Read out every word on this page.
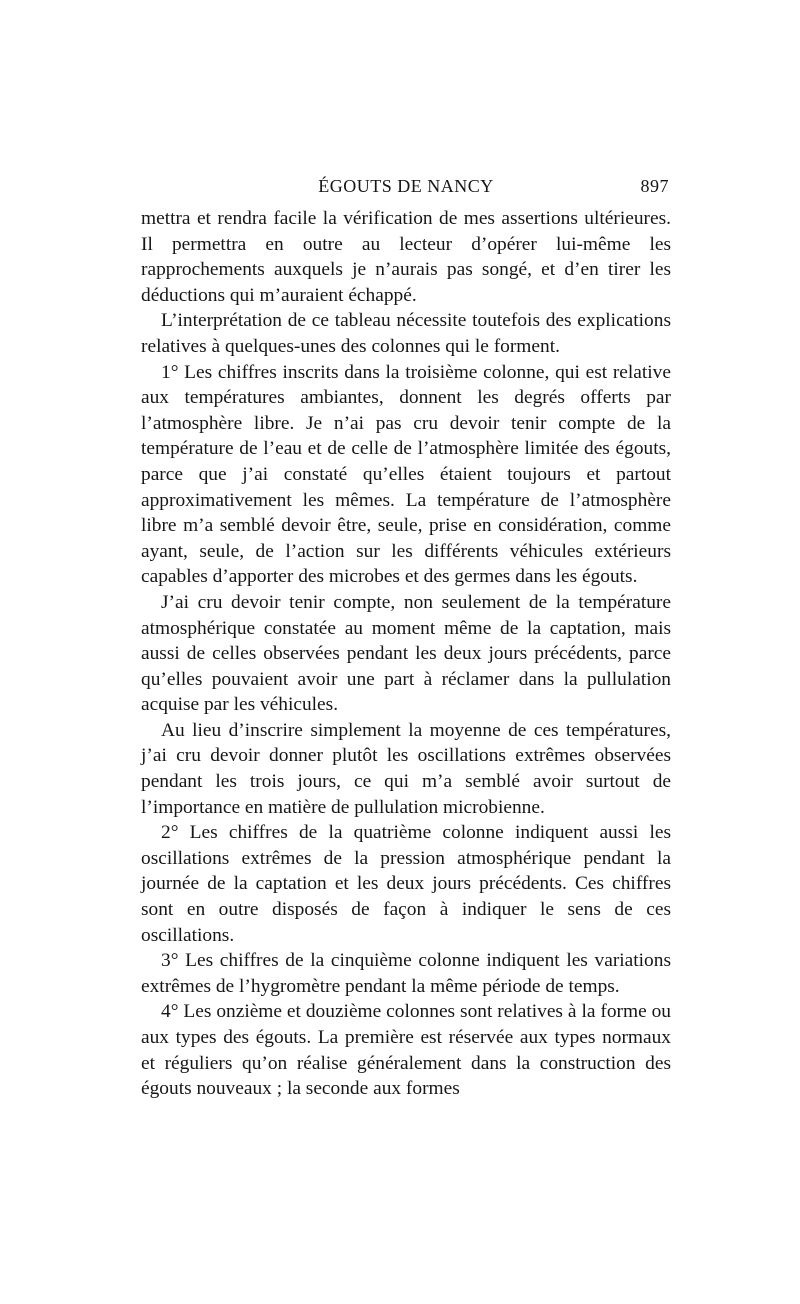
ÉGOUTS DE NANCY	897

mettra et rendra facile la vérification de mes assertions ultérieures. Il permettra en outre au lecteur d’opérer lui-même les rapprochements auxquels je n’aurais pas songé, et d’en tirer les déductions qui m’auraient échappé.

L’interprétation de ce tableau nécessite toutefois des explications relatives à quelques-unes des colonnes qui le forment.

1° Les chiffres inscrits dans la troisième colonne, qui est relative aux températures ambiantes, donnent les degrés offerts par l’atmosphère libre. Je n’ai pas cru devoir tenir compte de la température de l’eau et de celle de l’atmosphère limitée des égouts, parce que j’ai constaté qu’elles étaient toujours et partout approximativement les mêmes. La température de l’atmosphère libre m’a semblé devoir être, seule, prise en considération, comme ayant, seule, de l’action sur les différents véhicules extérieurs capables d’apporter des microbes et des germes dans les égouts.

J’ai cru devoir tenir compte, non seulement de la température atmosphérique constatée au moment même de la captation, mais aussi de celles observées pendant les deux jours précédents, parce qu’elles pouvaient avoir une part à réclamer dans la pullulation acquise par les véhicules.

Au lieu d’inscrire simplement la moyenne de ces températures, j’ai cru devoir donner plutôt les oscillations extrêmes observées pendant les trois jours, ce qui m’a semblé avoir surtout de l’importance en matière de pullulation microbienne.

2° Les chiffres de la quatrième colonne indiquent aussi les oscillations extrêmes de la pression atmosphérique pendant la journée de la captation et les deux jours précédents. Ces chiffres sont en outre disposés de façon à indiquer le sens de ces oscillations.

3° Les chiffres de la cinquième colonne indiquent les variations extrêmes de l’hygromètre pendant la même période de temps.

4° Les onzième et douzième colonnes sont relatives à la forme ou aux types des égouts. La première est réservée aux types normaux et réguliers qu’on réalise généralement dans la construction des égouts nouveaux ; la seconde aux formes
